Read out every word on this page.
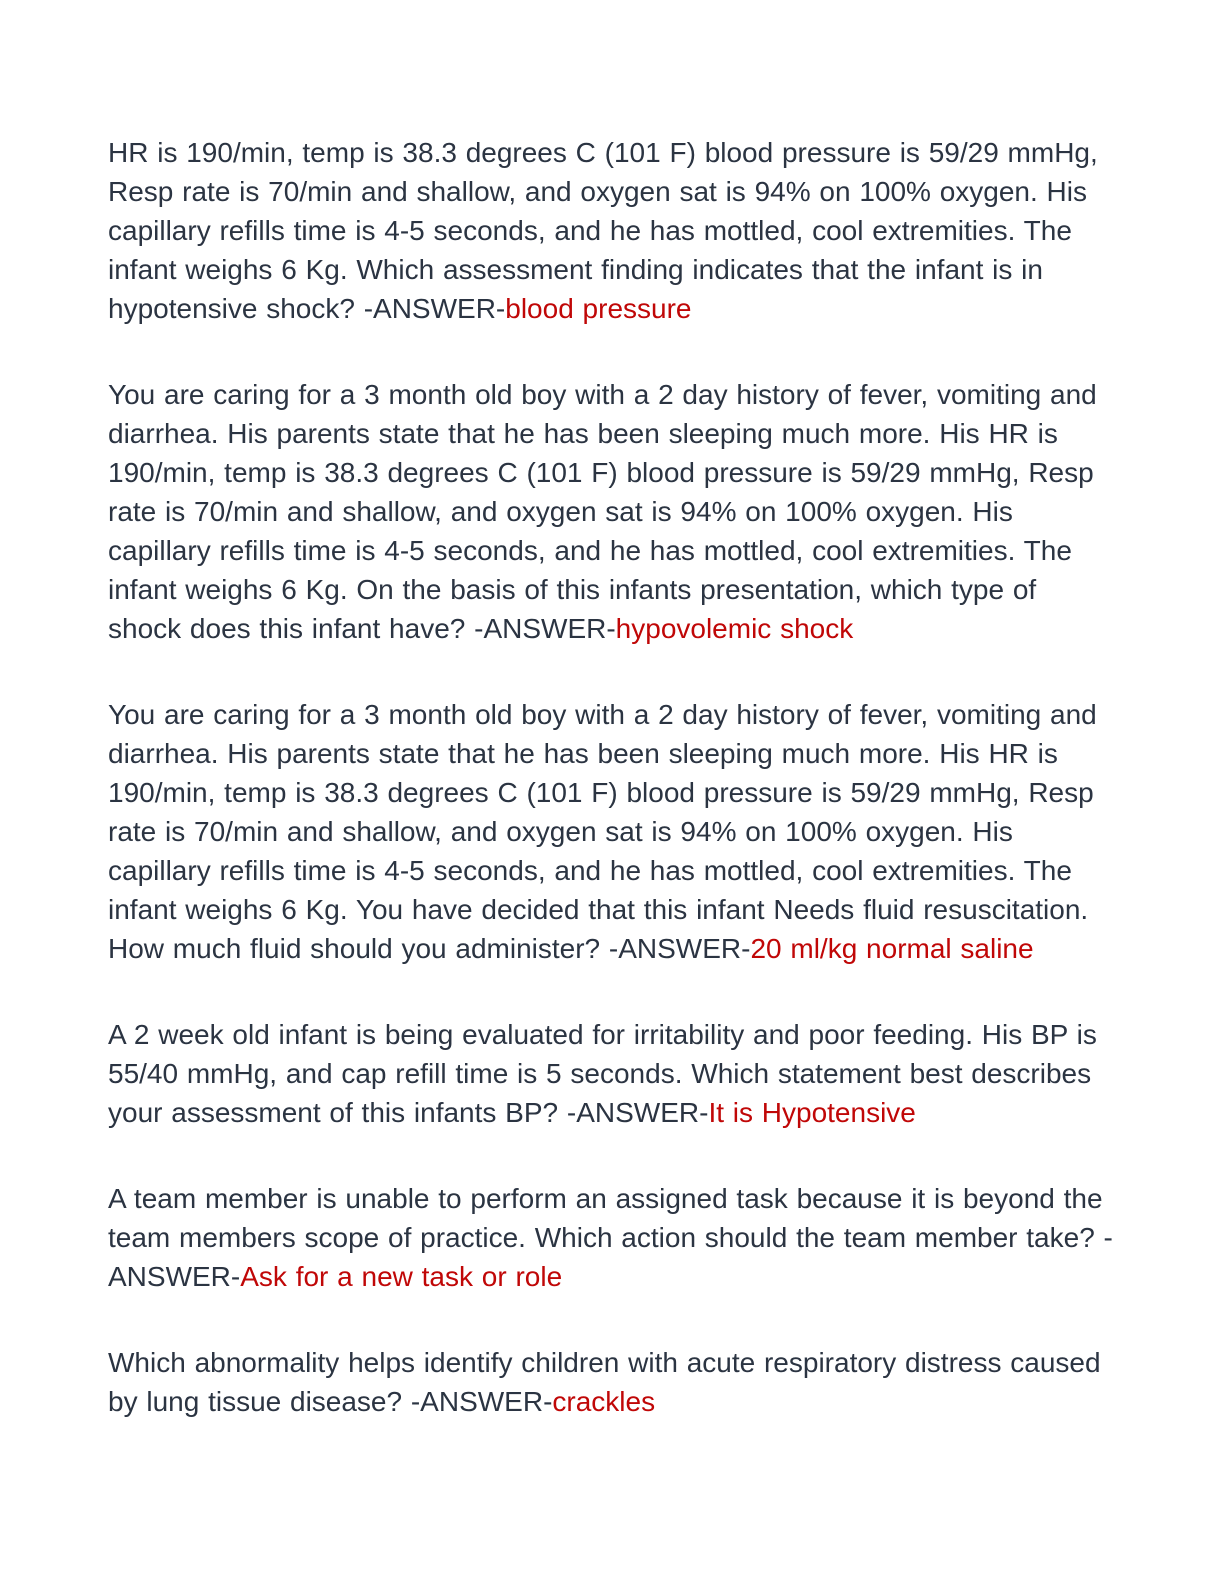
HR is 190/min, temp is 38.3 degrees C (101 F) blood pressure is 59/29 mmHg, Resp rate is 70/min and shallow, and oxygen sat is 94% on 100% oxygen. His capillary refills time is 4-5 seconds, and he has mottled, cool extremities. The infant weighs 6 Kg. Which assessment finding indicates that the infant is in hypotensive shock? -ANSWER-blood pressure

You are caring for a 3 month old boy with a 2 day history of fever, vomiting and diarrhea. His parents state that he has been sleeping much more. His HR is 190/min, temp is 38.3 degrees C (101 F) blood pressure is 59/29 mmHg, Resp rate is 70/min and shallow, and oxygen sat is 94% on 100% oxygen. His capillary refills time is 4-5 seconds, and he has mottled, cool extremities. The infant weighs 6 Kg. On the basis of this infants presentation, which type of shock does this infant have? -ANSWER-hypovolemic shock

You are caring for a 3 month old boy with a 2 day history of fever, vomiting and diarrhea. His parents state that he has been sleeping much more. His HR is 190/min, temp is 38.3 degrees C (101 F) blood pressure is 59/29 mmHg, Resp rate is 70/min and shallow, and oxygen sat is 94% on 100% oxygen. His capillary refills time is 4-5 seconds, and he has mottled, cool extremities. The infant weighs 6 Kg. You have decided that this infant Needs fluid resuscitation. How much fluid should you administer? -ANSWER-20 ml/kg normal saline

A 2 week old infant is being evaluated for irritability and poor feeding. His BP is 55/40 mmHg, and cap refill time is 5 seconds. Which statement best describes your assessment of this infants BP? -ANSWER-It is Hypotensive

A team member is unable to perform an assigned task because it is beyond the team members scope of practice. Which action should the team member take? -ANSWER-Ask for a new task or role

Which abnormality helps identify children with acute respiratory distress caused by lung tissue disease? -ANSWER-crackles
